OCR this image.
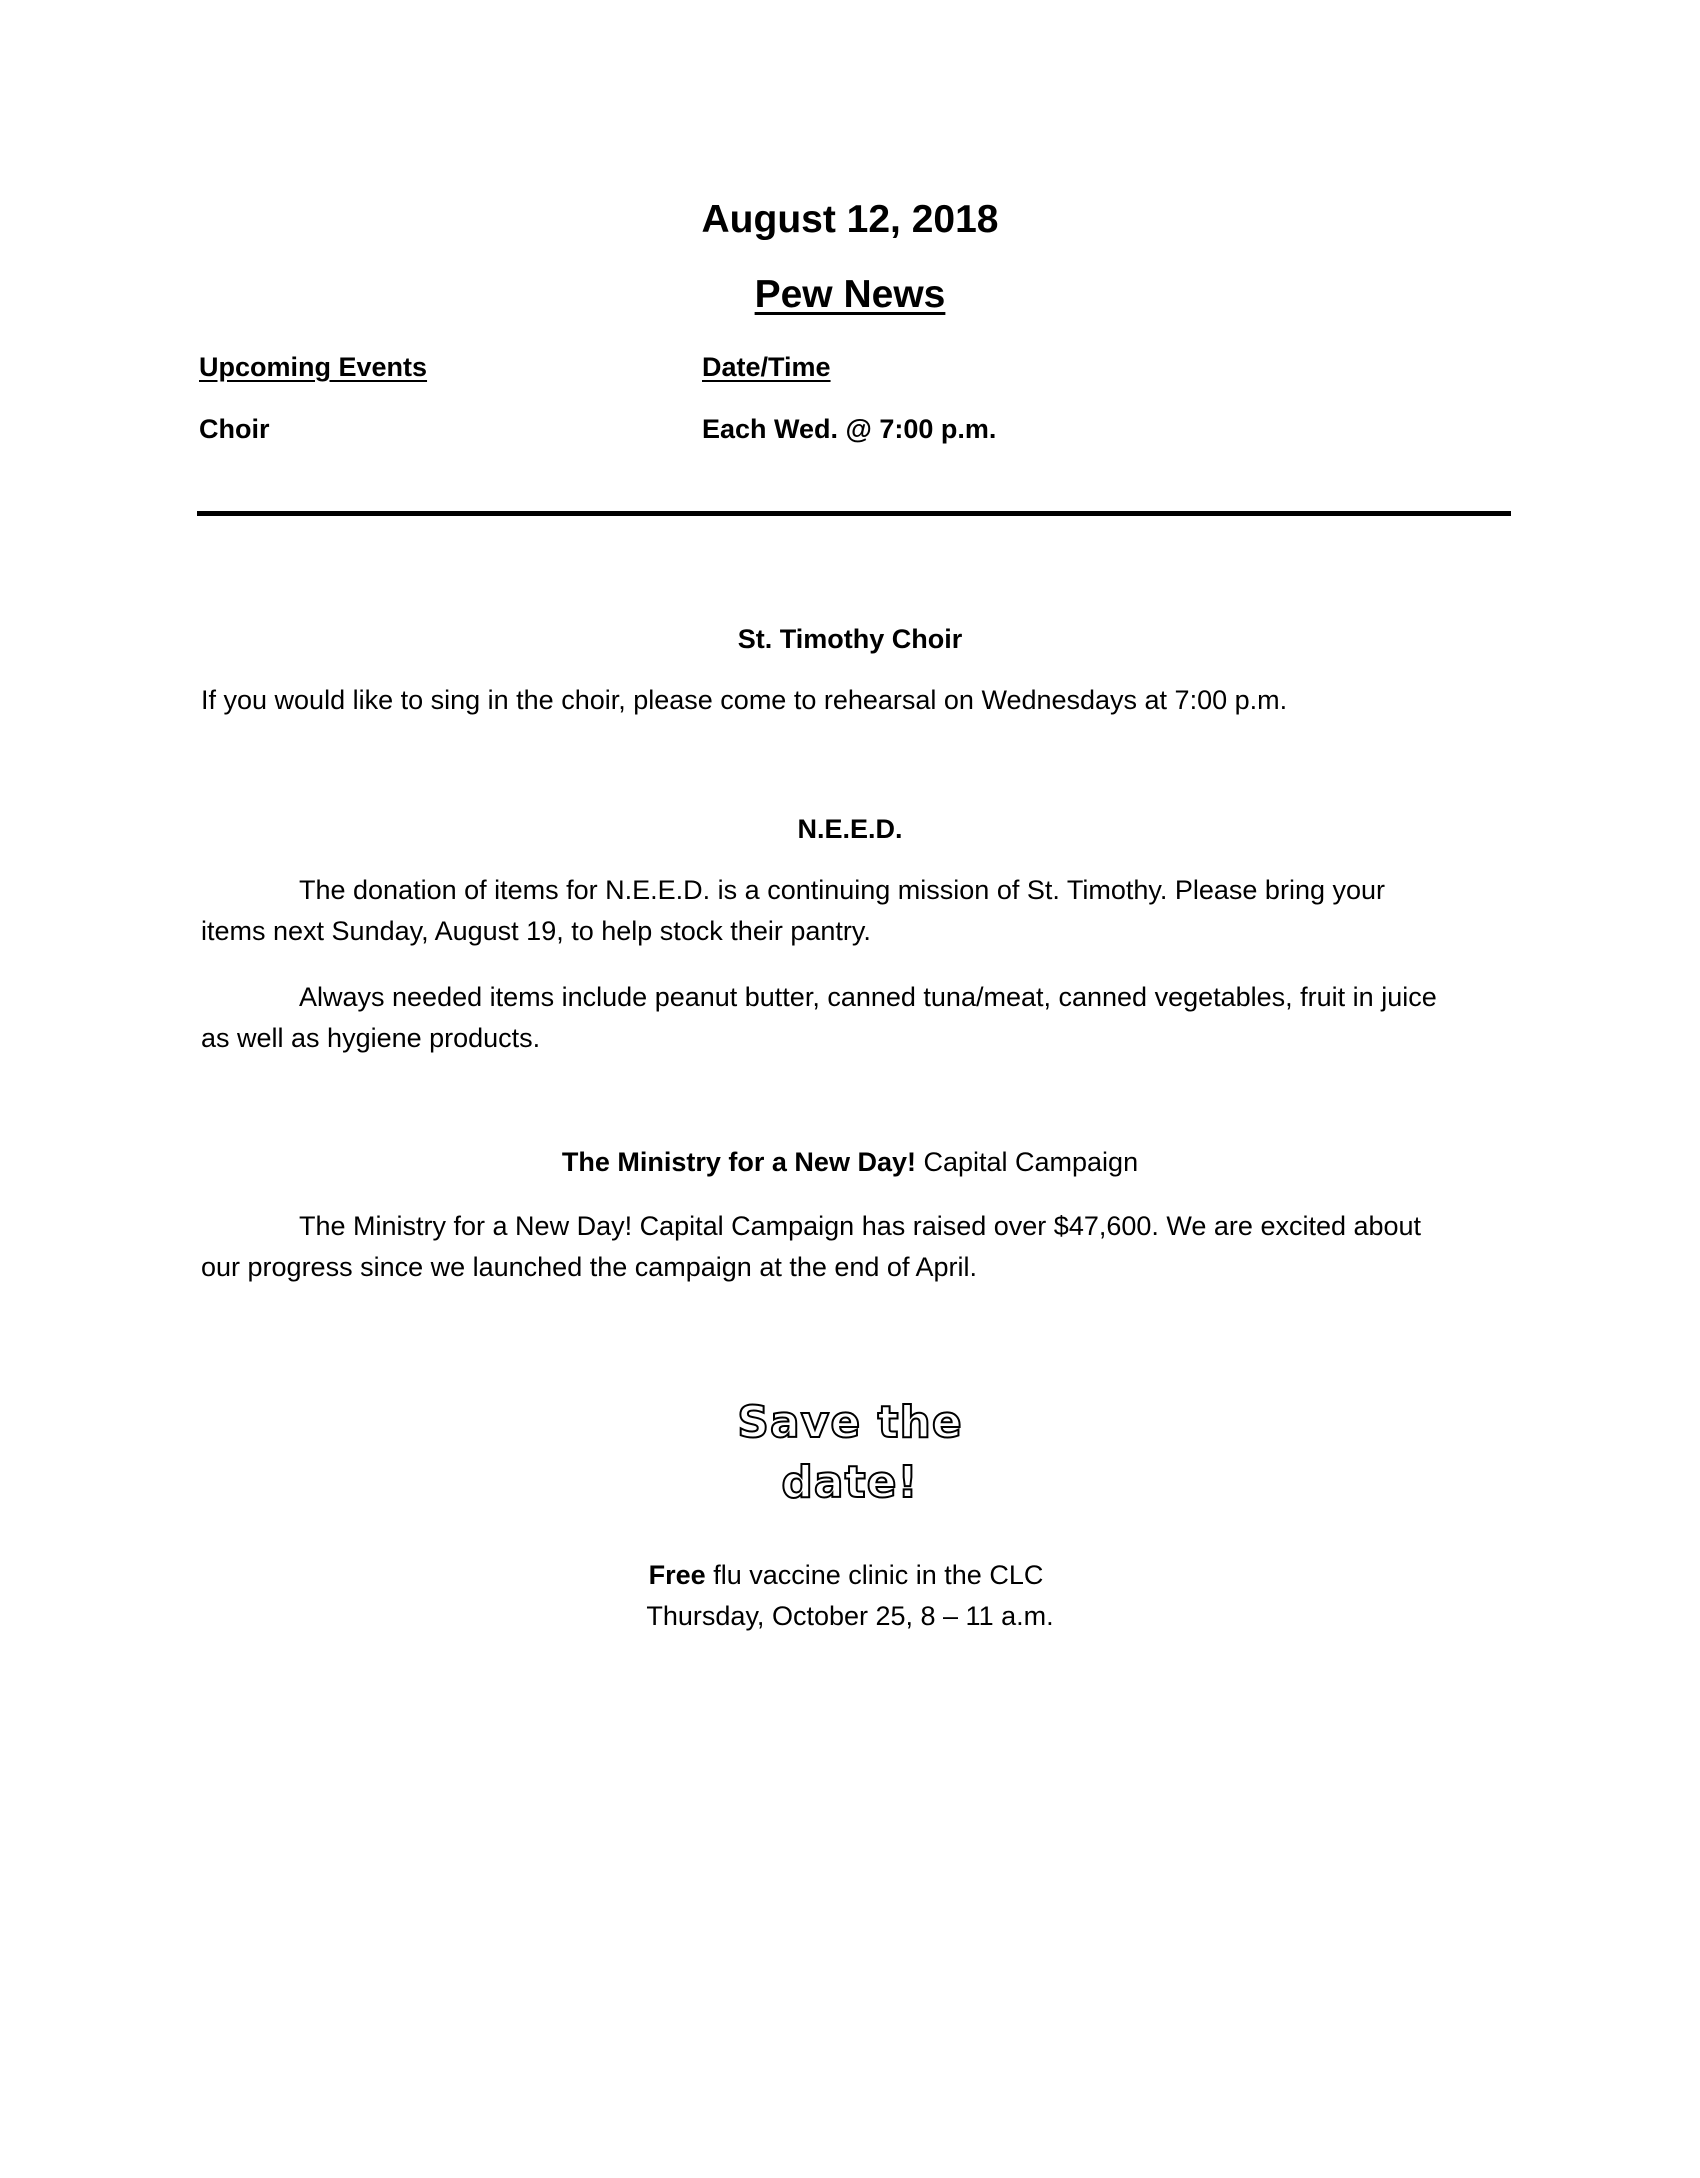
August 12, 2018
Pew News
Upcoming Events	Date/Time
Choir	Each Wed. @ 7:00 p.m.
St. Timothy Choir
If you would like to sing in the choir, please come to rehearsal on Wednesdays at 7:00 p.m.
N.E.E.D.
The donation of items for N.E.E.D. is a continuing mission of St. Timothy. Please bring your
items next Sunday, August 19, to help stock their pantry.
Always needed items include peanut butter, canned tuna/meat, canned vegetables, fruit in juice
as well as hygiene products.
The Ministry for a New Day! Capital Campaign
The Ministry for a New Day! Capital Campaign has raised over $47,600. We are excited about
our progress since we launched the campaign at the end of April.
Save the
date!
Free flu vaccine clinic in the CLC
Thursday, October 25, 8 – 11 a.m.
